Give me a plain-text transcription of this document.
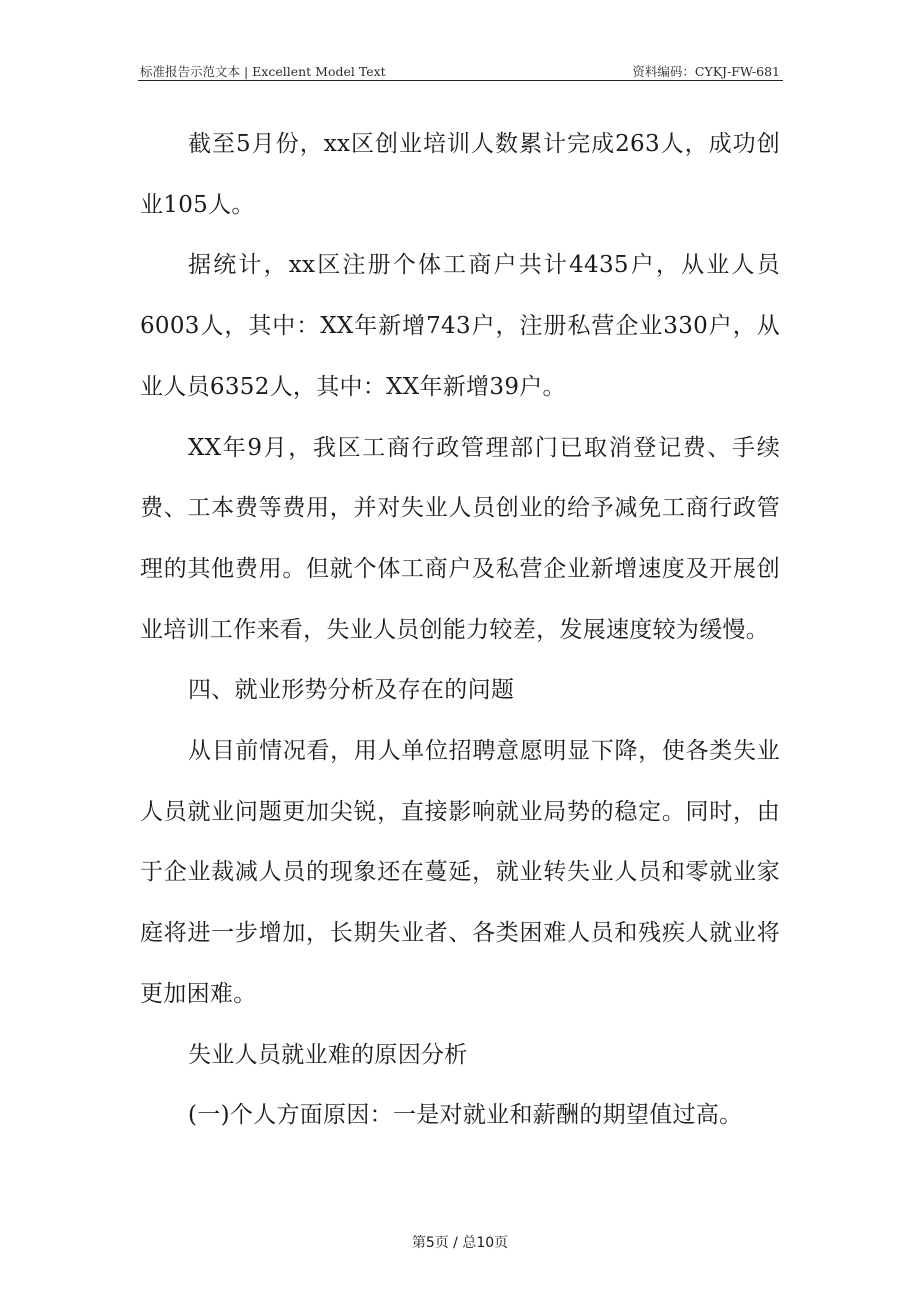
标准报告示范文本 | Excellent Model Text	资料编码：CYKJ-FW-681

截至5月份，xx区创业培训人数累计完成263人，成功创业105人。

据统计，xx区注册个体工商户共计4435户，从业人员6003人，其中：XX年新增743户，注册私营企业330户，从业人员6352人，其中：XX年新增39户。

XX年9月，我区工商行政管理部门已取消登记费、手续费、工本费等费用，并对失业人员创业的给予减免工商行政管理的其他费用。但就个体工商户及私营企业新增速度及开展创业培训工作来看，失业人员创能力较差，发展速度较为缓慢。

四、就业形势分析及存在的问题

从目前情况看，用人单位招聘意愿明显下降，使各类失业人员就业问题更加尖锐，直接影响就业局势的稳定。同时，由于企业裁减人员的现象还在蔓延，就业转失业人员和零就业家庭将进一步增加，长期失业者、各类困难人员和残疾人就业将更加困难。

失业人员就业难的原因分析

(一)个人方面原因：一是对就业和薪酬的期望值过高。

第5页 / 总10页
